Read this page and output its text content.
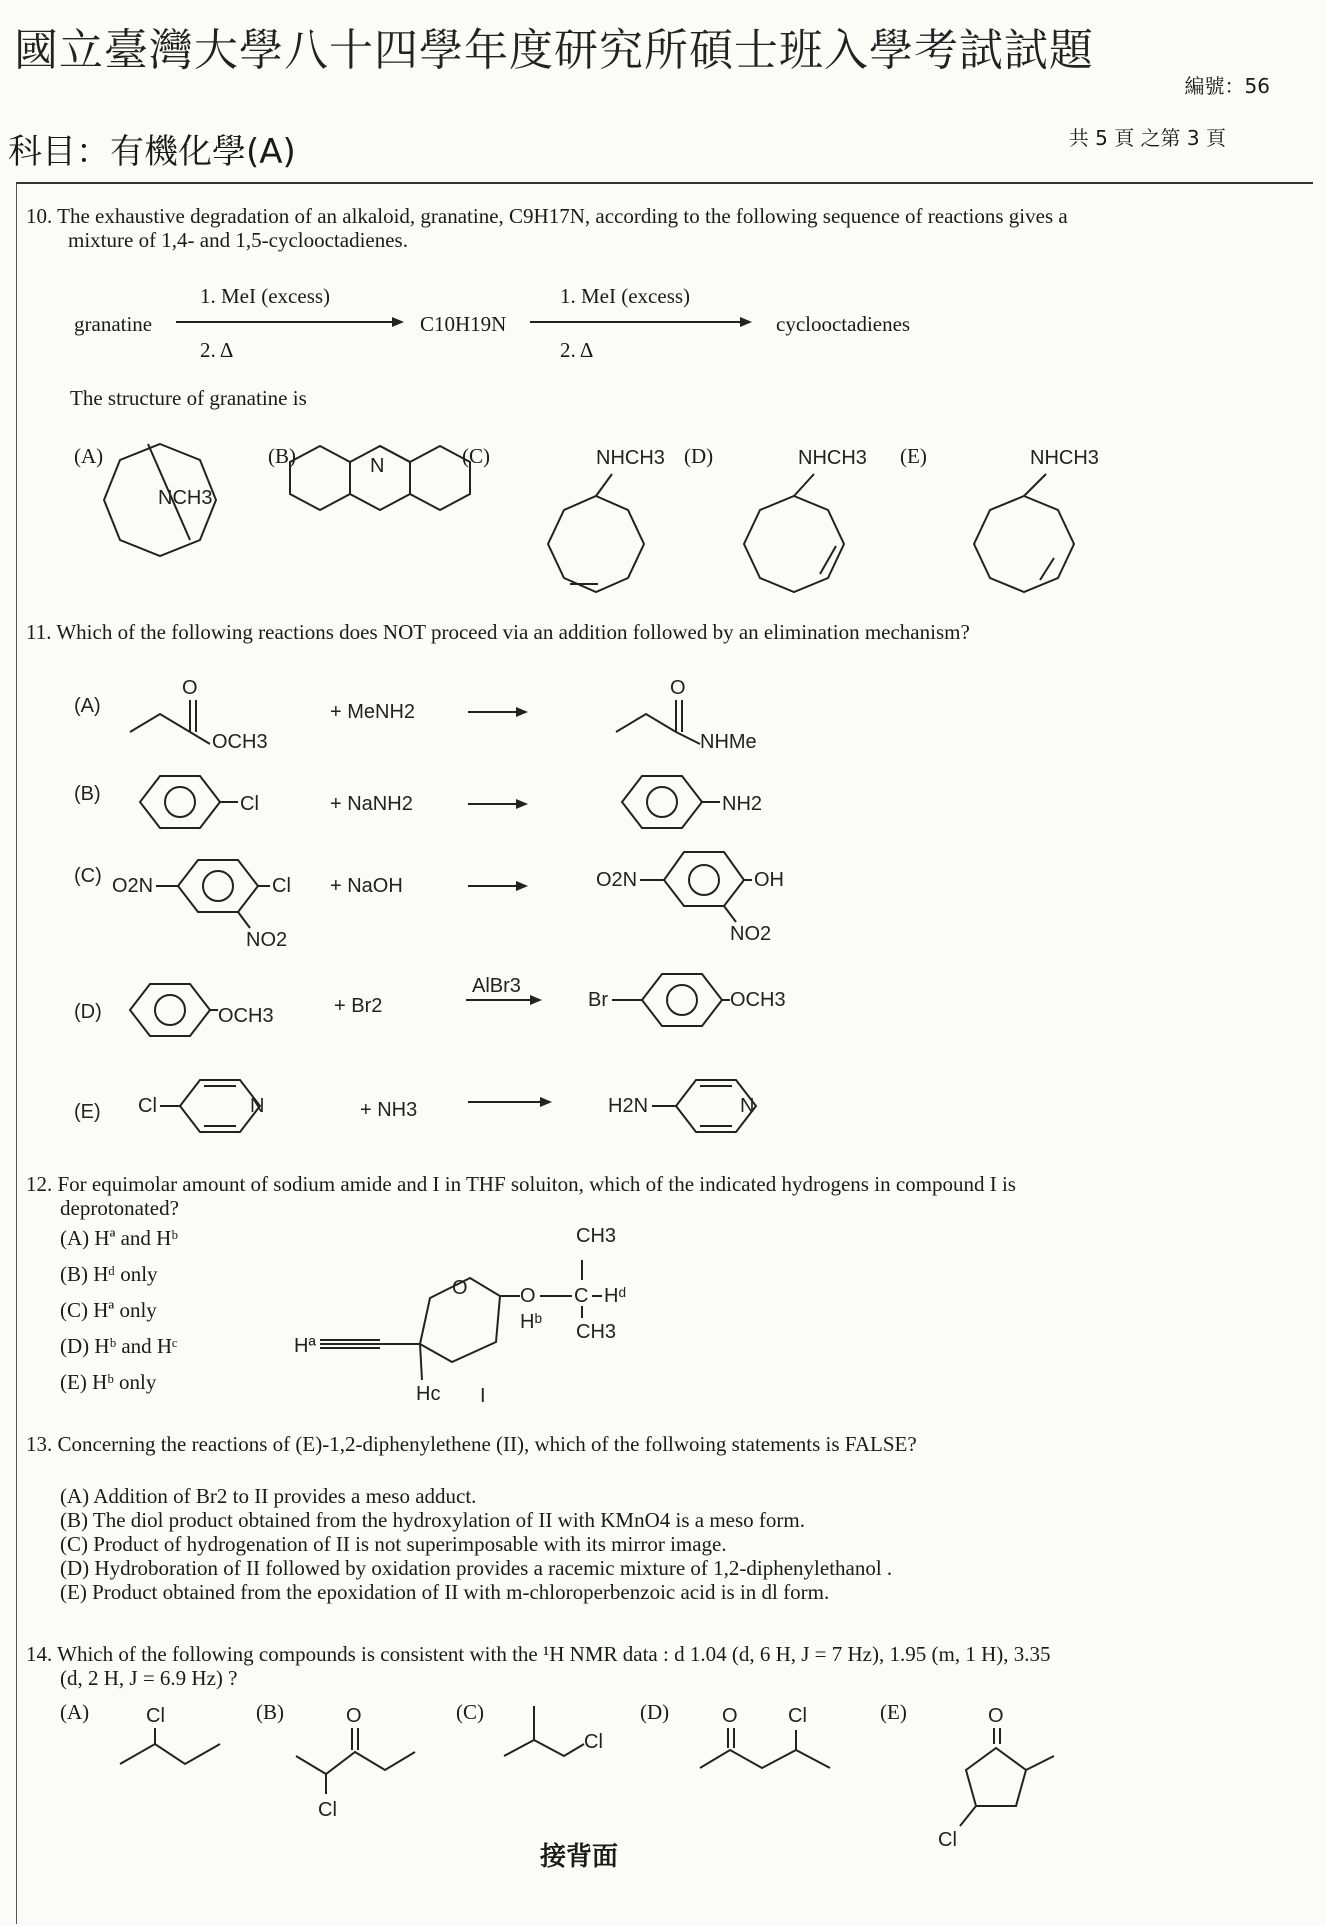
國立臺灣大學八十四學年度研究所碩士班入學考試試題
編號：56
科目：有機化學(A)	共 5 頁 之第 3 頁
10. The exhaustive degradation of an alkaloid, granatine, C9H17N, according to the following sequence of reactions gives a
mixture of 1,4- and 1,5-cyclooctadienes.
granatine
1. MeI (excess)
2. Δ
C10H19N
1. MeI (excess)
2. Δ
cyclooctadienes
The structure of granatine is
(A)	(B)	(C)	(D)	(E)
NCH3
N	NHCH3	NHCH3	NHCH3
11. Which of the following reactions does NOT proceed via an addition followed by an elimination mechanism?
(A)
O
OCH3
+ MeNH2
O
NHMe
(B)	Cl	+ NaNH2	NH2
(C) O2N	Cl
NO2
+ NaOH	O2N	OH
NO2
(D)	OCH3	+ Br2
AlBr3
Br	OCH3
(E) Cl	N	+ NH3	H2N	N
12. For equimolar amount of sodium amide and I in THF soluiton, which of the indicated hydrogens in compound I is
deprotonated?
(A) Hª and Hᵇ
(B) Hᵈ only
(C) Hª only
(D) Hᵇ and Hᶜ
(E) Hᵇ only
Hª
O
Hc I
Hᵇ
O C
CH3
CH3
Hᵈ
13. Concerning the reactions of (E)-1,2-diphenylethene (II), which of the follwoing statements is FALSE?
(A) Addition of Br2 to II provides a meso adduct.
(B) The diol product obtained from the hydroxylation of II with KMnO4 is a meso form.
(C) Product of hydrogenation of II is not superimposable with its mirror image.
(D) Hydroboration of II followed by oxidation provides a racemic mixture of 1,2-diphenylethanol .
(E) Product obtained from the epoxidation of II with m-chloroperbenzoic acid is in dl form.
14. Which of the following compounds is consistent with the ¹H NMR data : d 1.04 (d, 6 H, J = 7 Hz), 1.95 (m, 1 H), 3.35
(d, 2 H, J = 6.9 Hz) ?
(A)	(B)	(C)	(D)	(E)
Cl	O
Cl
Cl
O	Cl	O
Cl
接背面
